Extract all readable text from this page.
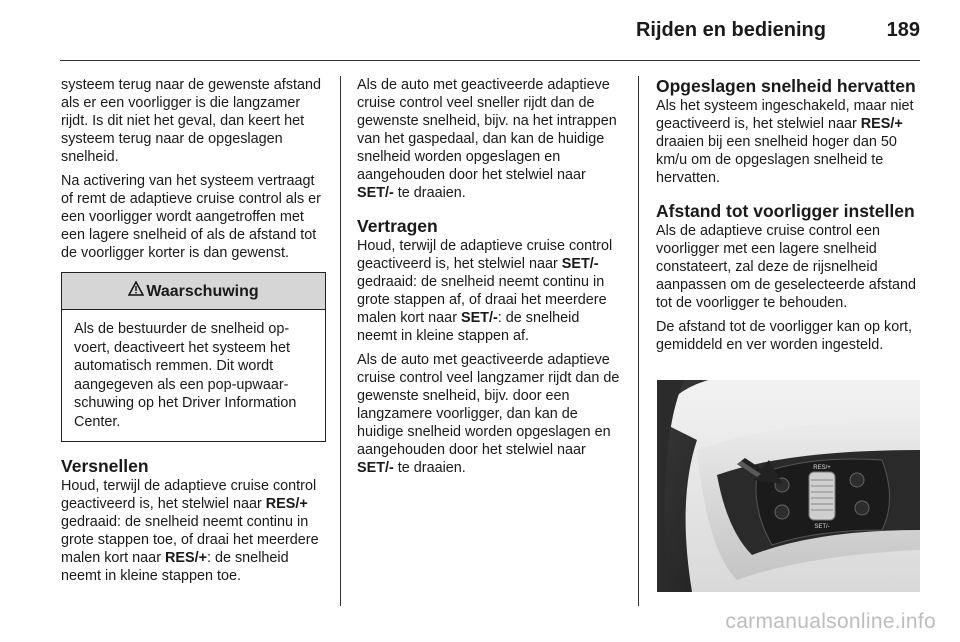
Rijden en bediening	189

systeem terug naar de gewenste afstand als er een voorligger is die langzamer rijdt. Is dit niet het geval, dan keert het systeem terug naar de opgeslagen snelheid.

Na activering van het systeem vertraagt of remt de adaptieve cruise control als er een voorligger wordt aangetroffen met een lagere snelheid of als de afstand tot de voorligger korter is dan gewenst.

Waarschuwing
Als de bestuurder de snelheid opvoert, deactiveert het systeem het automatisch remmen. Dit wordt aangegeven als een pop-upwaarschuwing op het Driver Information Center.
Versnellen

Houd, terwijl de adaptieve cruise control geactiveerd is, het stelwiel naar RES/+ gedraaid: de snelheid neemt continu in grote stappen toe, of draai het meerdere malen kort naar RES/+: de snelheid neemt in kleine stappen toe.

Als de auto met geactiveerde adaptieve cruise control veel sneller rijdt dan de gewenste snelheid, bijv. na het intrappen van het gaspedaal, dan kan de huidige snelheid worden opgeslagen en aangehouden door het stelwiel naar SET/- te draaien.

Vertragen

Houd, terwijl de adaptieve cruise control geactiveerd is, het stelwiel naar SET/- gedraaid: de snelheid neemt continu in grote stappen af, of draai het meerdere malen kort naar SET/-: de snelheid neemt in kleine stappen af.

Als de auto met geactiveerde adaptieve cruise control veel langzamer rijdt dan de gewenste snelheid, bijv. door een langzamere voorligger, dan kan de huidige snelheid worden opgeslagen en aangehouden door het stelwiel naar SET/- te draaien.

Opgeslagen snelheid hervatten

Als het systeem ingeschakeld, maar niet geactiveerd is, het stelwiel naar RES/+ draaien bij een snelheid hoger dan 50 km/u om de opgeslagen snelheid te hervatten.

Afstand tot voorligger instellen

Als de adaptieve cruise control een voorligger met een lagere snelheid constateert, zal deze de rijsnelheid aanpassen om de geselecteerde afstand tot de voorligger te behouden.

De afstand tot de voorligger kan op kort, gemiddeld en ver worden ingesteld.

RES/+
SET/-
carmanualsonline.info
